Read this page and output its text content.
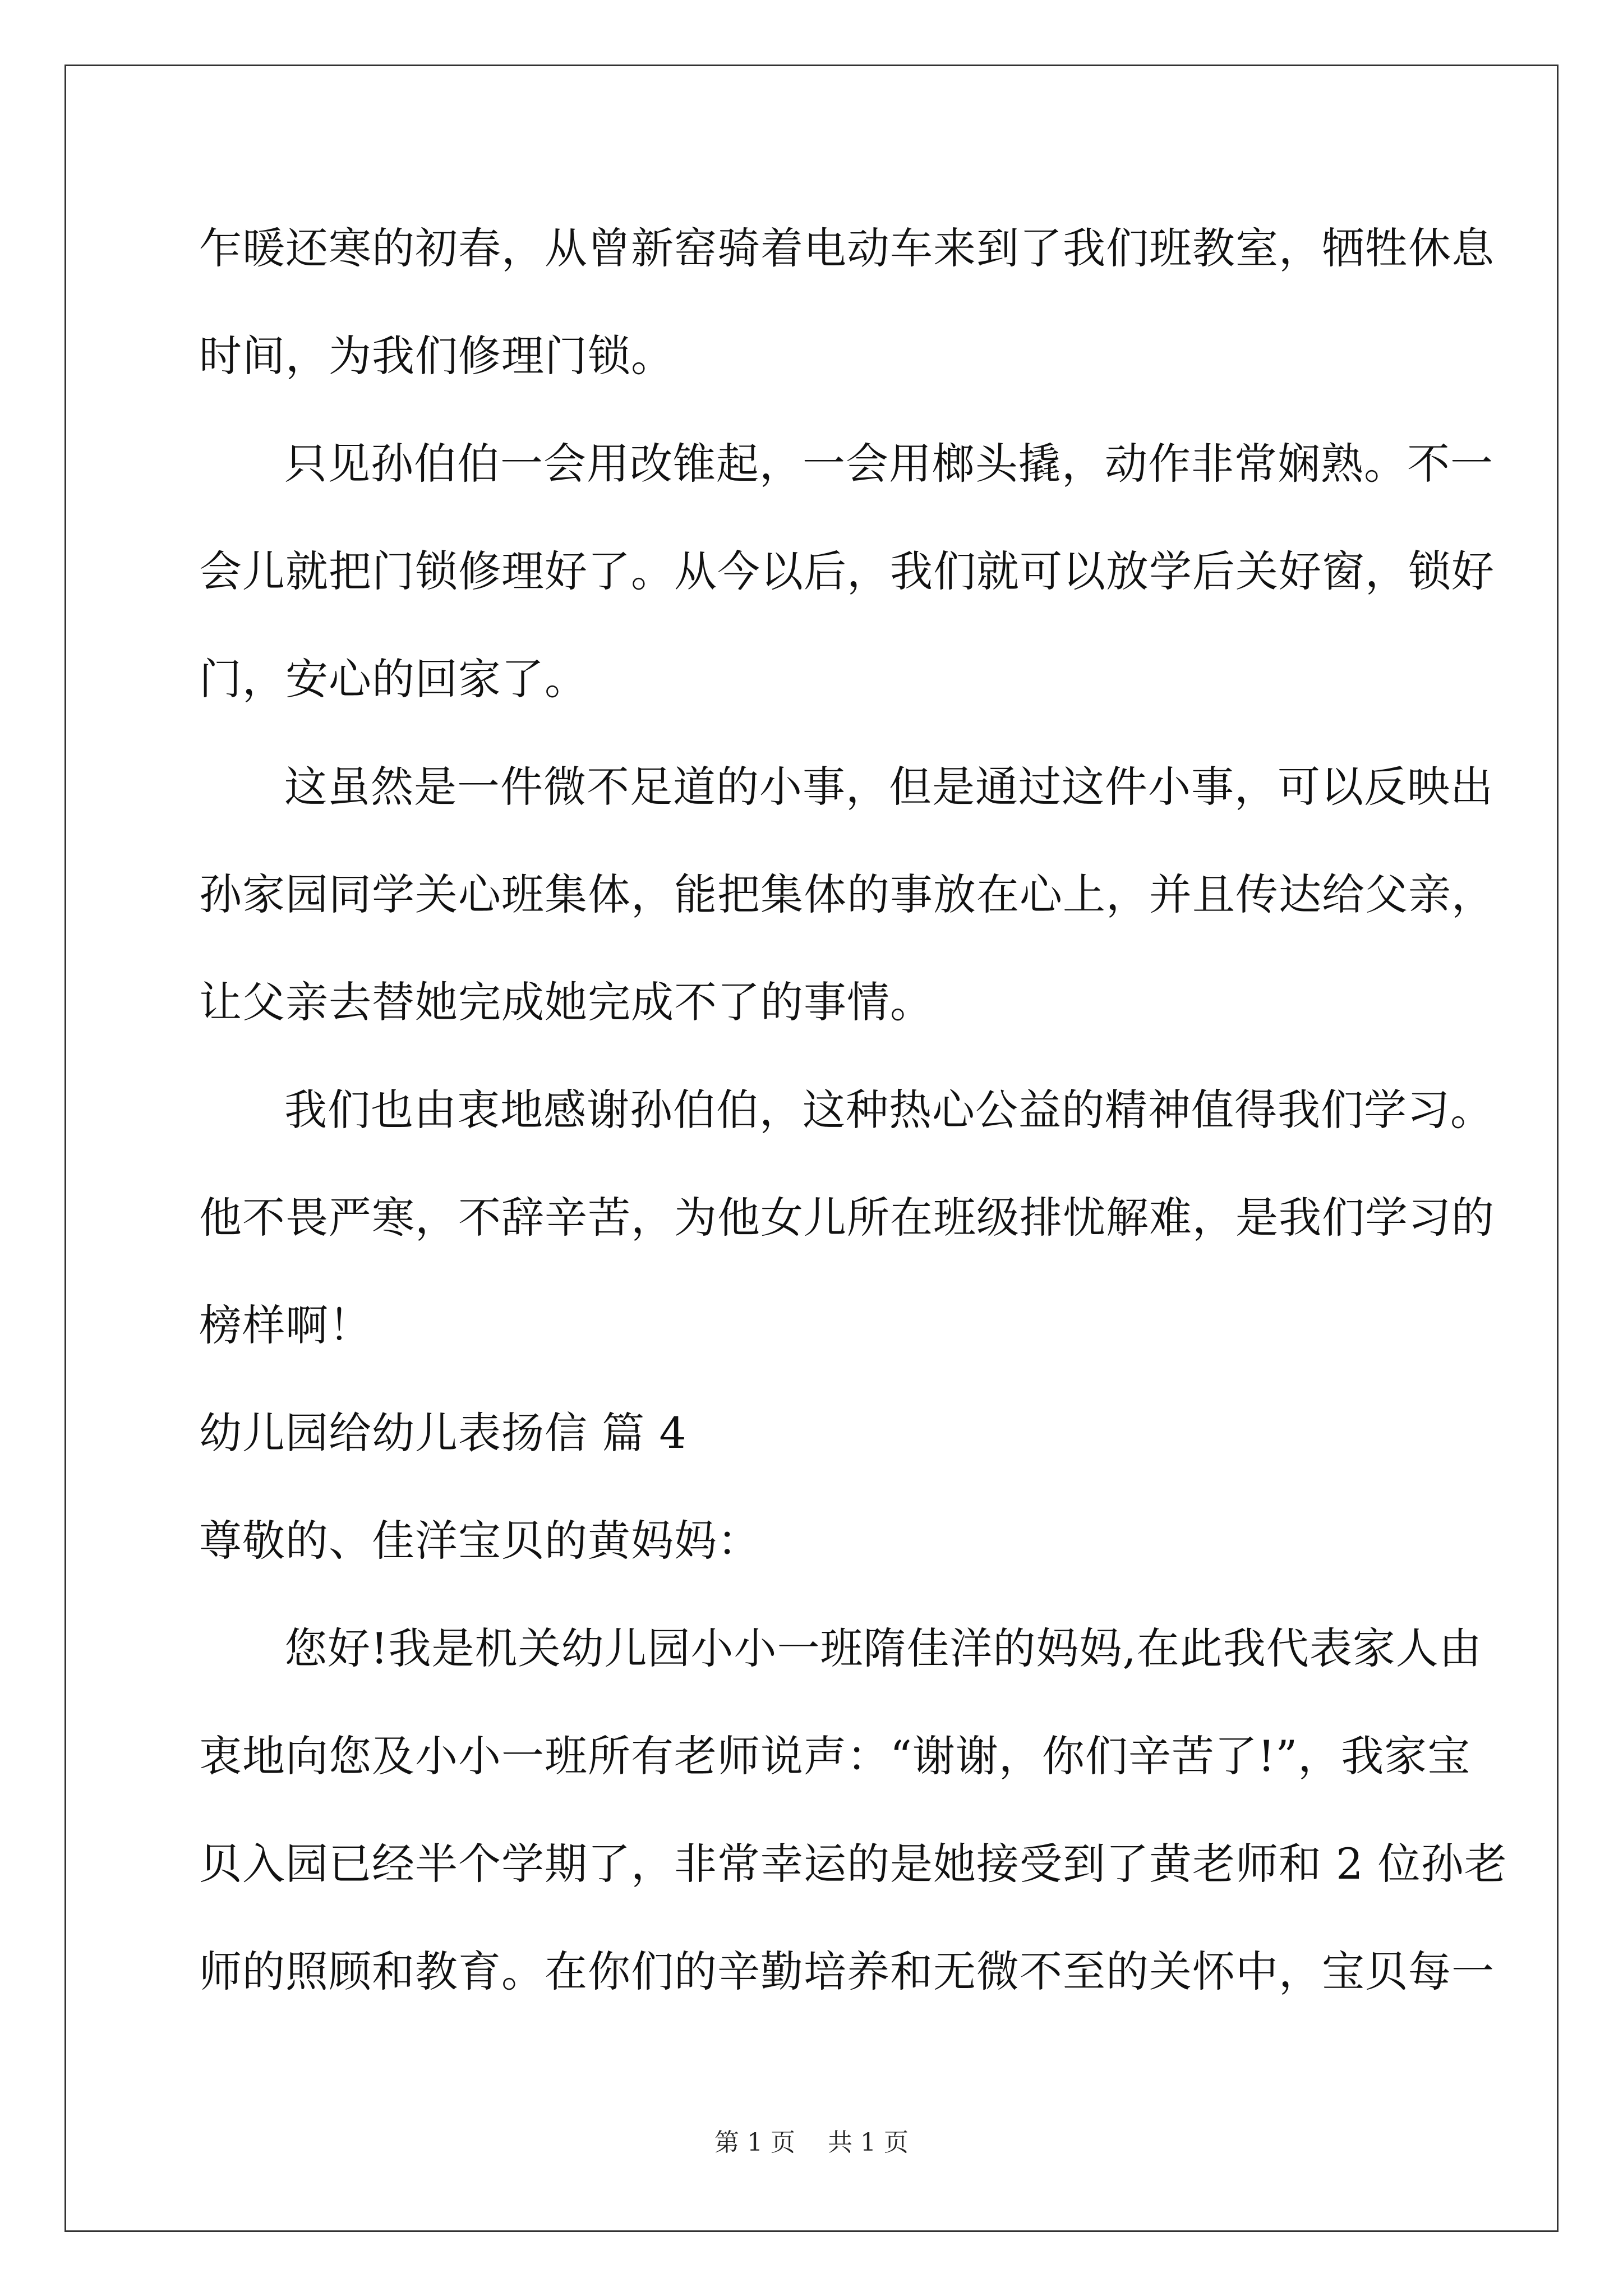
乍暖还寒的初春，从曾新窑骑着电动车来到了我们班教室，牺牲休息
时间，为我们修理门锁。
只见孙伯伯一会用改锥起，一会用榔头撬，动作非常娴熟。不一
会儿就把门锁修理好了。从今以后，我们就可以放学后关好窗，锁好
门，安心的回家了。
这虽然是一件微不足道的小事，但是通过这件小事，可以反映出
孙家园同学关心班集体，能把集体的事放在心上，并且传达给父亲，
让父亲去替她完成她完成不了的事情。
我们也由衷地感谢孙伯伯，这种热心公益的精神值得我们学习。
他不畏严寒，不辞辛苦，为他女儿所在班级排忧解难，是我们学习的
榜样啊！
幼儿园给幼儿表扬信 篇 4
尊敬的、佳洋宝贝的黄妈妈：
您好!我是机关幼儿园小小一班隋佳洋的妈妈,在此我代表家人由
衷地向您及小小一班所有老师说声：“谢谢，你们辛苦了!”，我家宝
贝入园已经半个学期了，非常幸运的是她接受到了黄老师和 2 位孙老
师的照顾和教育。在你们的辛勤培养和无微不至的关怀中，宝贝每一
第 1 页 共 1 页
